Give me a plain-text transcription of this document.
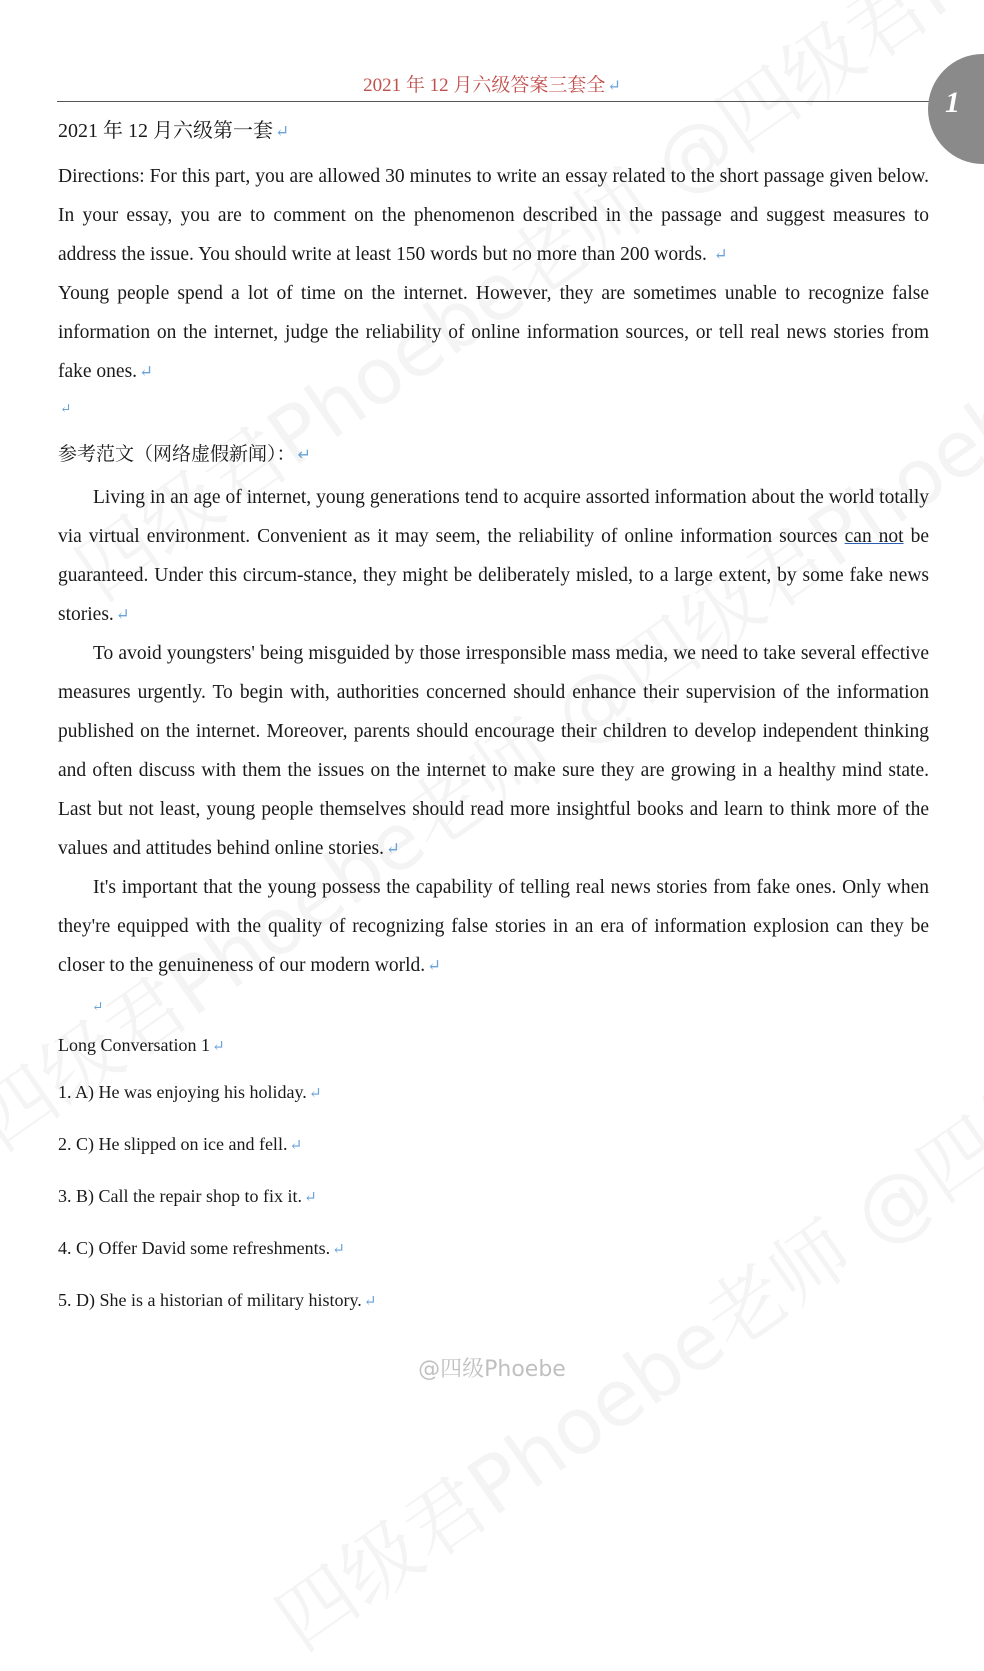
2021 年 12 月六级答案三套全 ↵	1
2021 年 12 月六级第一套 ↵

Directions: For this part, you are allowed 30 minutes to write an essay related to the short passage given below. In your essay, you are to comment on the phenomenon described in the passage and suggest measures to address the issue. You should write at least 150 words but no more than 200 words. ↵

Young people spend a lot of time on the internet. However, they are sometimes unable to recognize false information on the internet, judge the reliability of online information sources, or tell real news stories from fake ones. ↵

↵
参考范文（网络虚假新闻）： ↵

Living in an age of internet, young generations tend to acquire assorted information about the world totally via virtual environment. Convenient as it may seem, the reliability of online information sources can not be guaranteed. Under this circum-stance, they might be deliberately misled, to a large extent, by some fake news stories. ↵

To avoid youngsters' being misguided by those irresponsible mass media, we need to take several effective measures urgently. To begin with, authorities concerned should enhance their supervision of the information published on the internet. Moreover, parents should encourage their children to develop independent thinking and often discuss with them the issues on the internet to make sure they are growing in a healthy mind state. Last but not least, young people themselves should read more insightful books and learn to think more of the values and attitudes behind online stories. ↵

It's important that the young possess the capability of telling real news stories from fake ones. Only when they're equipped with the quality of recognizing false stories in an era of information explosion can they be closer to the genuineness of our modern world. ↵

↵

Long Conversation 1 ↵

1. A) He was enjoying his holiday. ↵

2. C) He slipped on ice and fell. ↵

3. B) Call the repair shop to fix it. ↵

4. C) Offer David some refreshments. ↵

5. D) She is a historian of military history. ↵

@四级Phoebe
